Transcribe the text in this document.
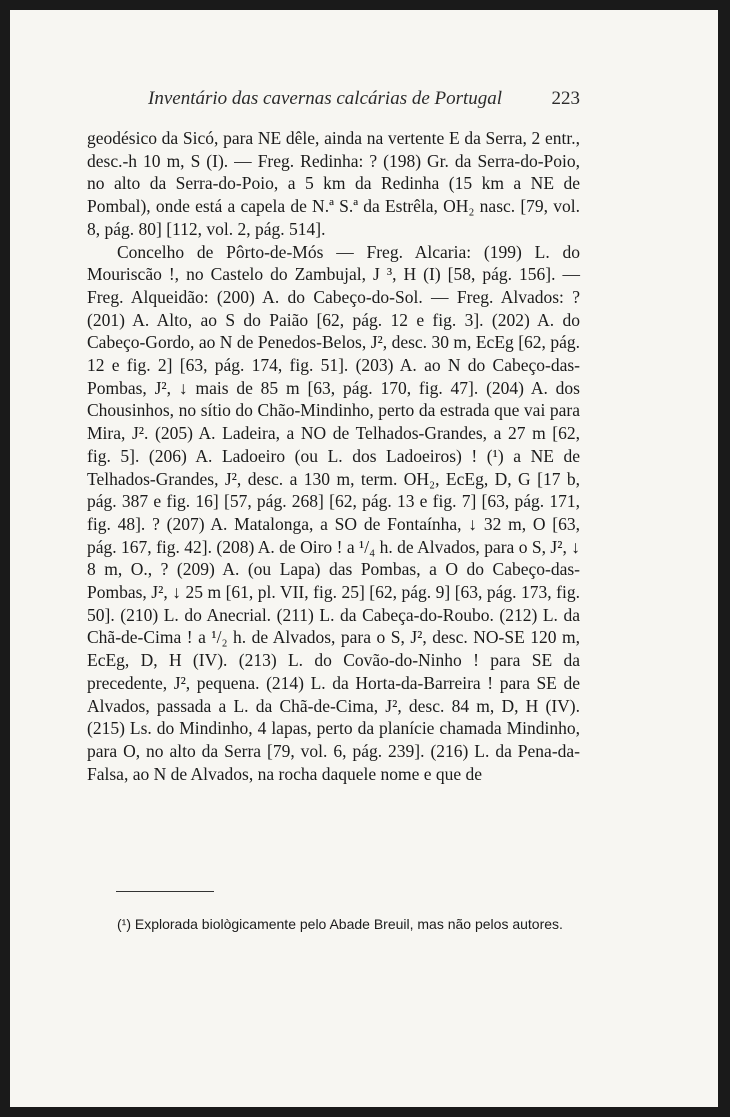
Inventário das cavernas calcárias de Portugal	223

geodésico da Sicó, para NE dêle, ainda na vertente E da Serra, 2 entr., desc.-h 10 m, S (I). — Freg. Redinha: ? (198) Gr. da Serra-do-Poio, no alto da Serra-do-Poio, a 5 km da Redinha (15 km a NE de Pombal), onde está a capela de N.ª S.ª da Estrêla, OH₂ nasc. [79, vol. 8, pág. 80] [112, vol. 2, pág. 514].

Concelho de Pôrto-de-Mós — Freg. Alcaria: (199) L. do Mouriscão !, no Castelo do Zambujal, J ³, H (I) [58, pág. 156]. — Freg. Alqueidão: (200) A. do Cabeço-do-Sol. — Freg. Alvados: ? (201) A. Alto, ao S do Paião [62, pág. 12 e fig. 3]. (202) A. do Cabeço-Gordo, ao N de Penedos-Belos, J², desc. 30 m, EcEg [62, pág. 12 e fig. 2] [63, pág. 174, fig. 51]. (203) A. ao N do Cabeço-das-Pombas, J², ↓ mais de 85 m [63, pág. 170, fig. 47]. (204) A. dos Chousinhos, no sítio do Chão-Mindinho, perto da estrada que vai para Mira, J². (205) A. Ladeira, a NO de Telhados-Grandes, a 27 m [62, fig. 5]. (206) A. Ladoeiro (ou L. dos Ladoeiros) ! (¹) a NE de Telhados-Grandes, J², desc. a 130 m, term. OH₂, EcEg, D, G [17 b, pág. 387 e fig. 16] [57, pág. 268] [62, pág. 13 e fig. 7] [63, pág. 171, fig. 48]. ? (207) A. Matalonga, a SO de Fontaínha, ↓ 32 m, O [63, pág. 167, fig. 42]. (208) A. de Oiro ! a ¹/₄ h. de Alvados, para o S, J², ↓ 8 m, O., ? (209) A. (ou Lapa) das Pombas, a O do Cabeço-das-Pombas, J², ↓ 25 m [61, pl. VII, fig. 25] [62, pág. 9] [63, pág. 173, fig. 50]. (210) L. do Anecrial. (211) L. da Cabeça-do-Roubo. (212) L. da Chã-de-Cima ! a ¹/₂ h. de Alvados, para o S, J², desc. NO-SE 120 m, EcEg, D, H (IV). (213) L. do Covão-do-Ninho ! para SE da precedente, J², pequena. (214) L. da Horta-da-Barreira ! para SE de Alvados, passada a L. da Chã-de-Cima, J², desc. 84 m, D, H (IV). (215) Ls. do Mindinho, 4 lapas, perto da planície chamada Mindinho, para O, no alto da Serra [79, vol. 6, pág. 239]. (216) L. da Pena-da-Falsa, ao N de Alvados, na rocha daquele nome e que de

(¹) Explorada biològicamente pelo Abade Breuil, mas não pelos autores.
